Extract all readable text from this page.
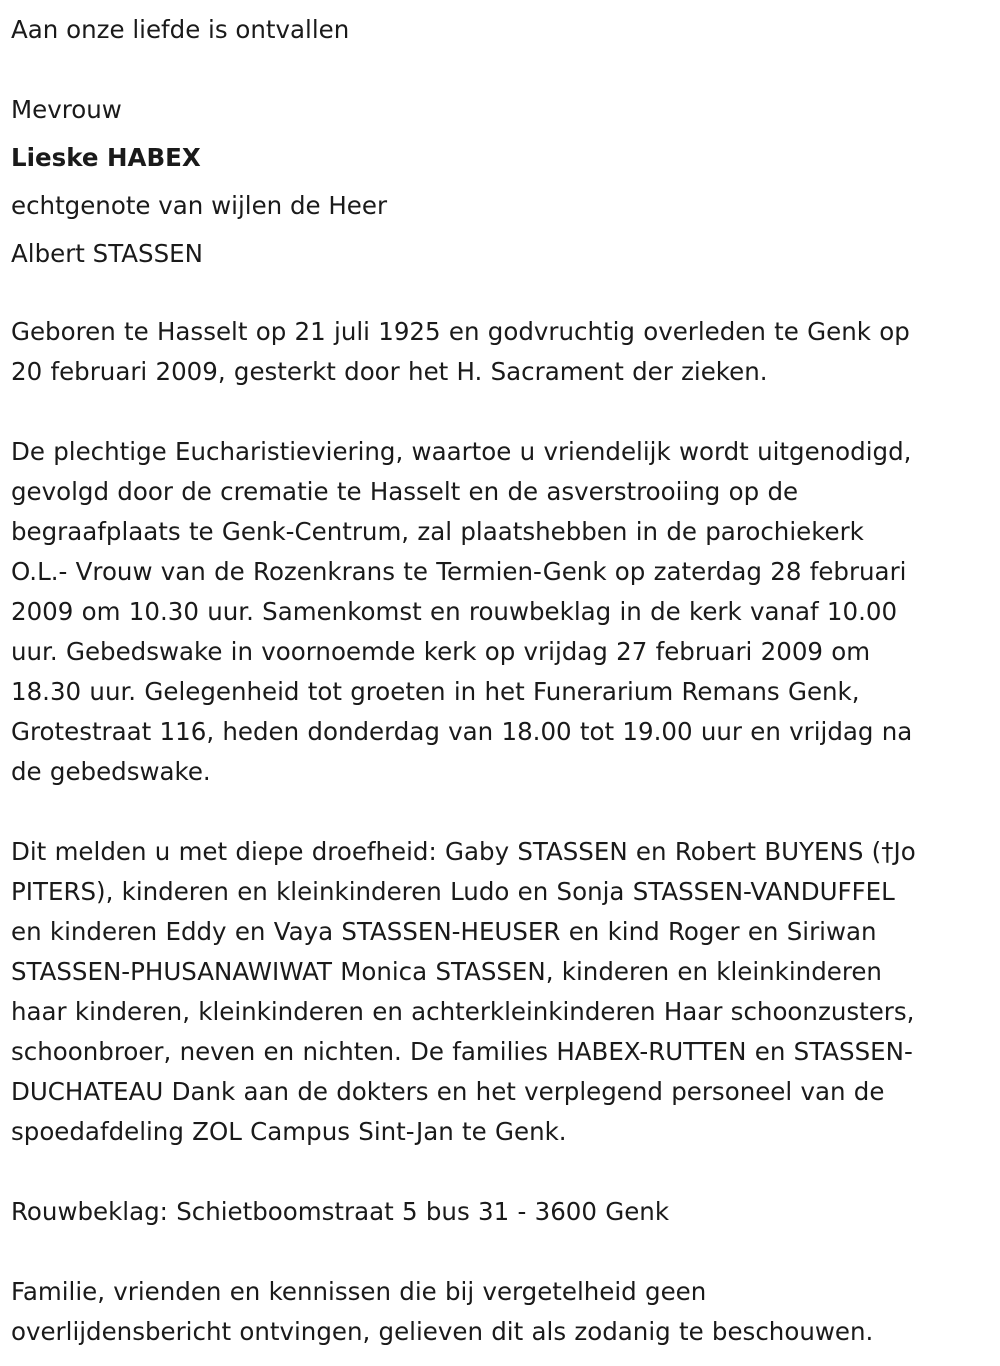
Aan onze liefde is ontvallen

Mevrouw

Lieske HABEX

echtgenote van wijlen de Heer

Albert STASSEN

Geboren te Hasselt op 21 juli 1925 en godvruchtig overleden te Genk op
20 februari 2009, gesterkt door het H. Sacrament der zieken.

De plechtige Eucharistieviering, waartoe u vriendelijk wordt uitgenodigd,
gevolgd door de crematie te Hasselt en de asverstrooiing op de
begraafplaats te Genk-Centrum, zal plaatshebben in de parochiekerk
O.L.- Vrouw van de Rozenkrans te Termien-Genk op zaterdag 28 februari
2009 om 10.30 uur. Samenkomst en rouwbeklag in de kerk vanaf 10.00
uur. Gebedswake in voornoemde kerk op vrijdag 27 februari 2009 om
18.30 uur. Gelegenheid tot groeten in het Funerarium Remans Genk,
Grotestraat 116, heden donderdag van 18.00 tot 19.00 uur en vrijdag na
de gebedswake.

Dit melden u met diepe droefheid: Gaby STASSEN en Robert BUYENS (†Jo
PITERS), kinderen en kleinkinderen Ludo en Sonja STASSEN-VANDUFFEL
en kinderen Eddy en Vaya STASSEN-HEUSER en kind Roger en Siriwan
STASSEN-PHUSANAWIWAT Monica STASSEN, kinderen en kleinkinderen
haar kinderen, kleinkinderen en achterkleinkinderen Haar schoonzusters,
schoonbroer, neven en nichten. De families HABEX-RUTTEN en STASSEN-
DUCHATEAU Dank aan de dokters en het verplegend personeel van de
spoedafdeling ZOL Campus Sint-Jan te Genk.

Rouwbeklag: Schietboomstraat 5 bus 31 - 3600 Genk

Familie, vrienden en kennissen die bij vergetelheid geen
overlijdensbericht ontvingen, gelieven dit als zodanig te beschouwen.
